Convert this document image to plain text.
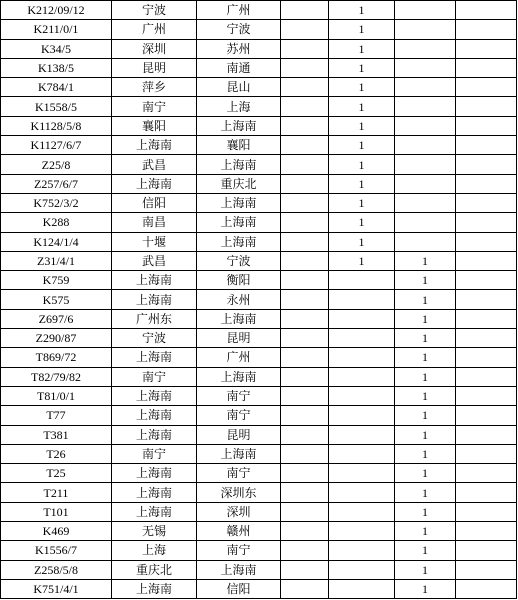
K212/09/12	宁波	广州		1		
K211/0/1	广州	宁波		1		
K34/5	深圳	苏州		1		
K138/5	昆明	南通		1		
K784/1	萍乡	昆山		1		
K1558/5	南宁	上海		1		
K1128/5/8	襄阳	上海南		1		
K1127/6/7	上海南	襄阳		1		
Z25/8	武昌	上海南		1		
Z257/6/7	上海南	重庆北		1		
K752/3/2	信阳	上海南		1		
K288	南昌	上海南		1		
K124/1/4	十堰	上海南		1		
Z31/4/1	武昌	宁波		1	1	
K759	上海南	衡阳			1	
K575	上海南	永州			1	
Z697/6	广州东	上海南			1	
Z290/87	宁波	昆明			1	
T869/72	上海南	广州			1	
T82/79/82	南宁	上海南			1	
T81/0/1	上海南	南宁			1	
T77	上海南	南宁			1	
T381	上海南	昆明			1	
T26	南宁	上海南			1	
T25	上海南	南宁			1	
T211	上海南	深圳东			1	
T101	上海南	深圳			1	
K469	无锡	赣州			1	
K1556/7	上海	南宁			1	
Z258/5/8	重庆北	上海南			1	
K751/4/1	上海南	信阳			1	
